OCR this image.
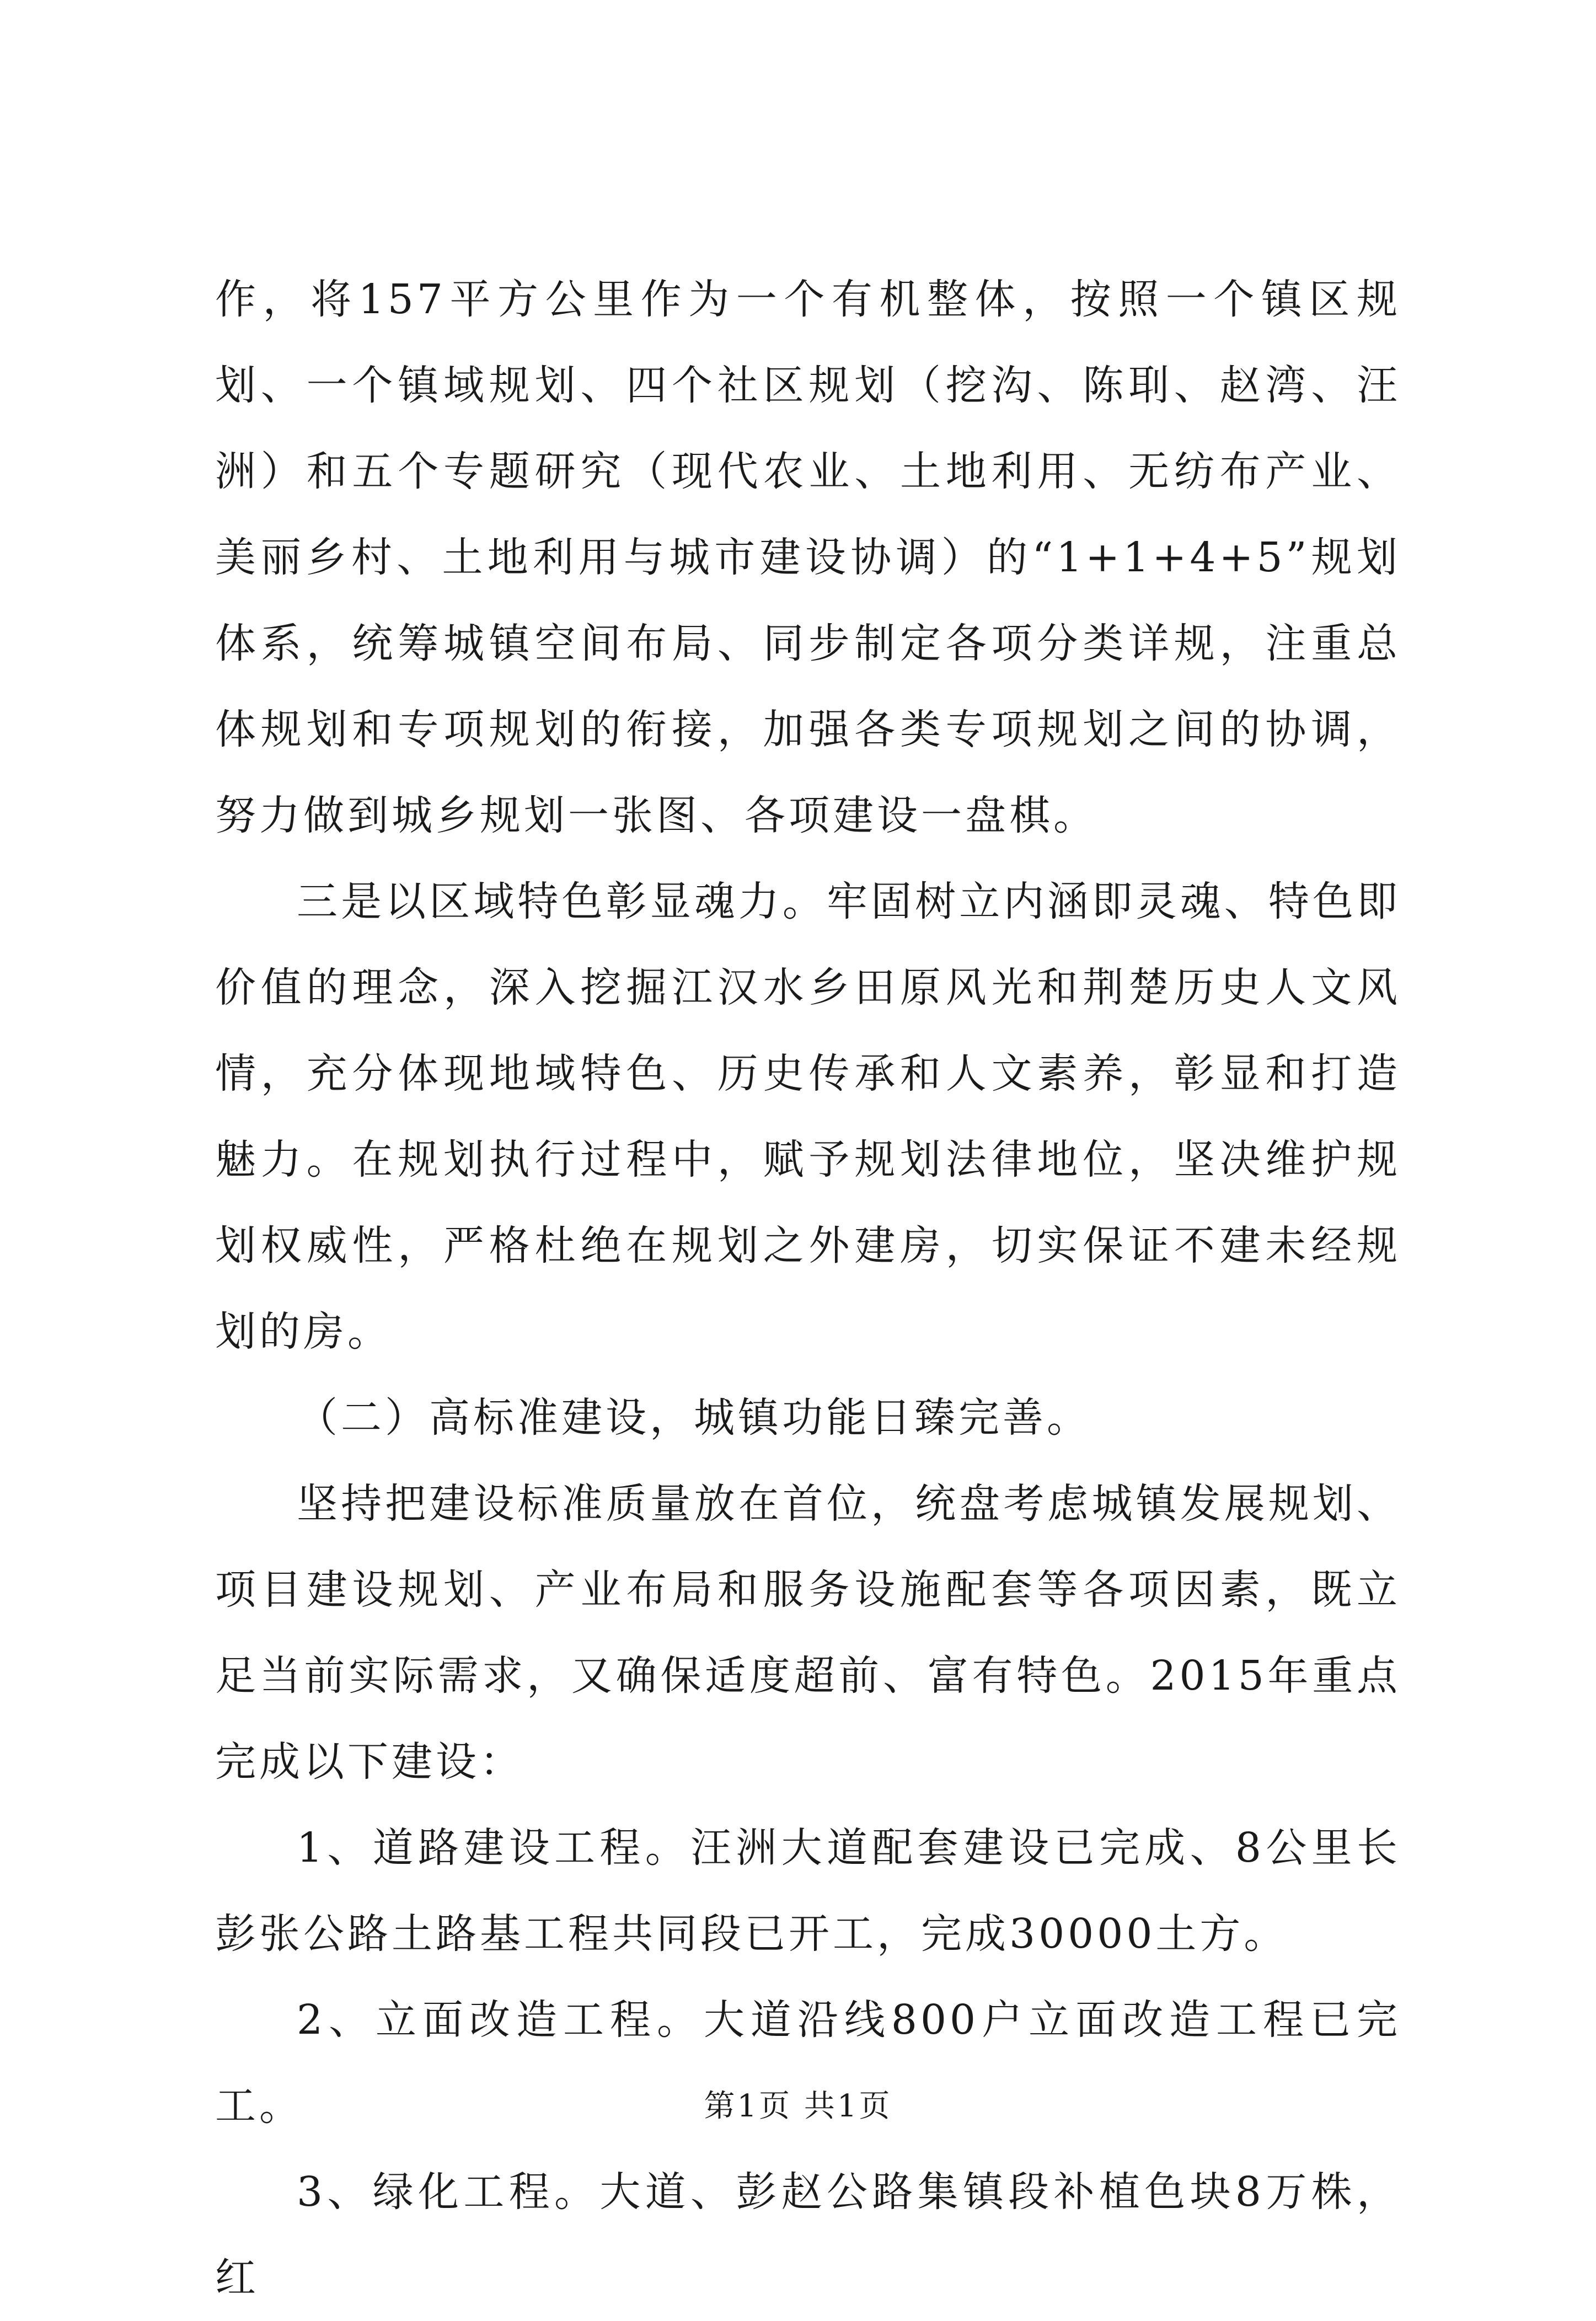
作，将157平方公里作为一个有机整体，按照一个镇区规划、一个镇域规划、四个社区规划（挖沟、陈刵、赵湾、汪洲）和五个专题研究（现代农业、土地利用、无纺布产业、美丽乡村、土地利用与城市建设协调）的“1+1+4+5”规划体系，统筹城镇空间布局、同步制定各项分类详规，注重总体规划和专项规划的衔接，加强各类专项规划之间的协调，努力做到城乡规划一张图、各项建设一盘棋。

三是以区域特色彰显魂力。牢固树立内涵即灵魂、特色即价值的理念，深入挖掘江汉水乡田原风光和荆楚历史人文风情，充分体现地域特色、历史传承和人文素养，彰显和打造魅力。在规划执行过程中，赋予规划法律地位，坚决维护规划权威性，严格杜绝在规划之外建房，切实保证不建未经规划的房。

（二）高标准建设，城镇功能日臻完善。

坚持把建设标准质量放在首位，统盘考虑城镇发展规划、项目建设规划、产业布局和服务设施配套等各项因素，既立足当前实际需求，又确保适度超前、富有特色。2015年重点完成以下建设：

1、道路建设工程。汪洲大道配套建设已完成、8公里长彭张公路土路基工程共同段已开工，完成30000土方。

2、立面改造工程。大道沿线800户立面改造工程已完工。

3、绿化工程。大道、彭赵公路集镇段补植色块8万株，红

第1页 共1页
